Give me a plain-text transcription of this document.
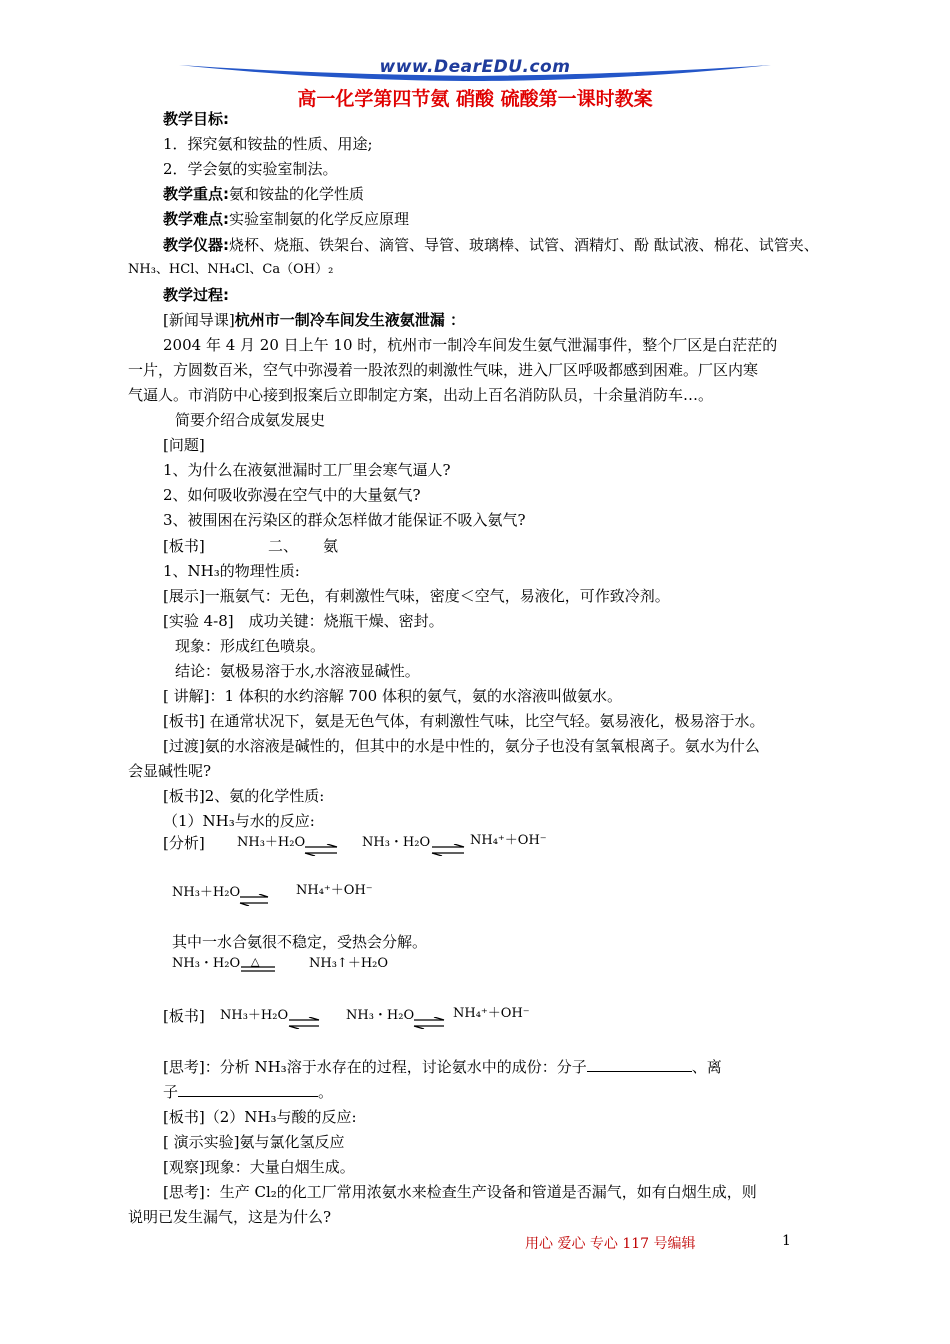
www.DearEDU.com
高一化学第四节氨 硝酸 硫酸第一课时教案
教学目标:
1．探究氨和铵盐的性质、用途;
2．学会氨的实验室制法。
教学重点:氨和铵盐的化学性质
教学难点:实验室制氨的化学反应原理
教学仪器:烧杯、烧瓶、铁架台、滴管、导管、玻璃棒、试管、酒精灯、酚 酞试液、棉花、试管夹、
NH₃、HCl、NH₄Cl、Ca（OH）₂
教学过程:
[新闻导课]杭州市一制冷车间发生液氨泄漏 ：
2004 年 4 月 20 日上午 10 时，杭州市一制冷车间发生氨气泄漏事件，整个厂区是白茫茫的
一片，方圆数百米，空气中弥漫着一股浓烈的刺激性气味，进入厂区呼吸都感到困难。厂区内寒
气逼人。市消防中心接到报案后立即制定方案，出动上百名消防队员，十余量消防车…。
简要介绍合成氨发展史
[问题]
1、为什么在液氨泄漏时工厂里会寒气逼人?
2、如何吸收弥漫在空气中的大量氨气?
3、被围困在污染区的群众怎样做才能保证不吸入氨气?
[板书]	二、 氨
1、NH₃的物理性质:
[展示]一瓶氨气：无色，有刺激性气味，密度＜空气，易液化，可作致冷剂。
[实验 4-8]　成功关键：烧瓶干燥、密封。
现象：形成红色喷泉。
结论：氨极易溶于水,水溶液显碱性。
[ 讲解]：1 体积的水约溶解 700 体积的氨气，氨的水溶液叫做氨水。
[板书] 在通常状况下，氨是无色气体，有刺激性气味，比空气轻。氨易液化，极易溶于水。
[过渡]氨的水溶液是碱性的，但其中的水是中性的，氨分子也没有氢氧根离子。氨水为什么
会显碱性呢?
[板书]2、氨的化学性质:
（1）NH₃与水的反应:
[分析] NH₃＋H₂O ⇌ NH₃・H₂O ⇌
NH₄⁺＋OH⁻
NH₃＋H₂O	NH₄⁺＋OH⁻
其中一水合氨很不稳定，受热会分解。
NH₃・H₂O △	NH₃↑＋H₂O
[板书] NH₃＋H₂O	NH₃・H₂O	NH₄⁺＋OH⁻
[思考]：分析 NH₃溶于水存在的过程，讨论氨水中的成份：分子	、离
子	。
[板书]（2）NH₃与酸的反应:
[ 演示实验]氨与氯化氢反应
[观察]现象：大量白烟生成。
[思考]：生产 Cl₂的化工厂常用浓氨水来检查生产设备和管道是否漏气，如有白烟生成，则
说明已发生漏气，这是为什么?
用心 爱心 专心 117 号编辑	1
